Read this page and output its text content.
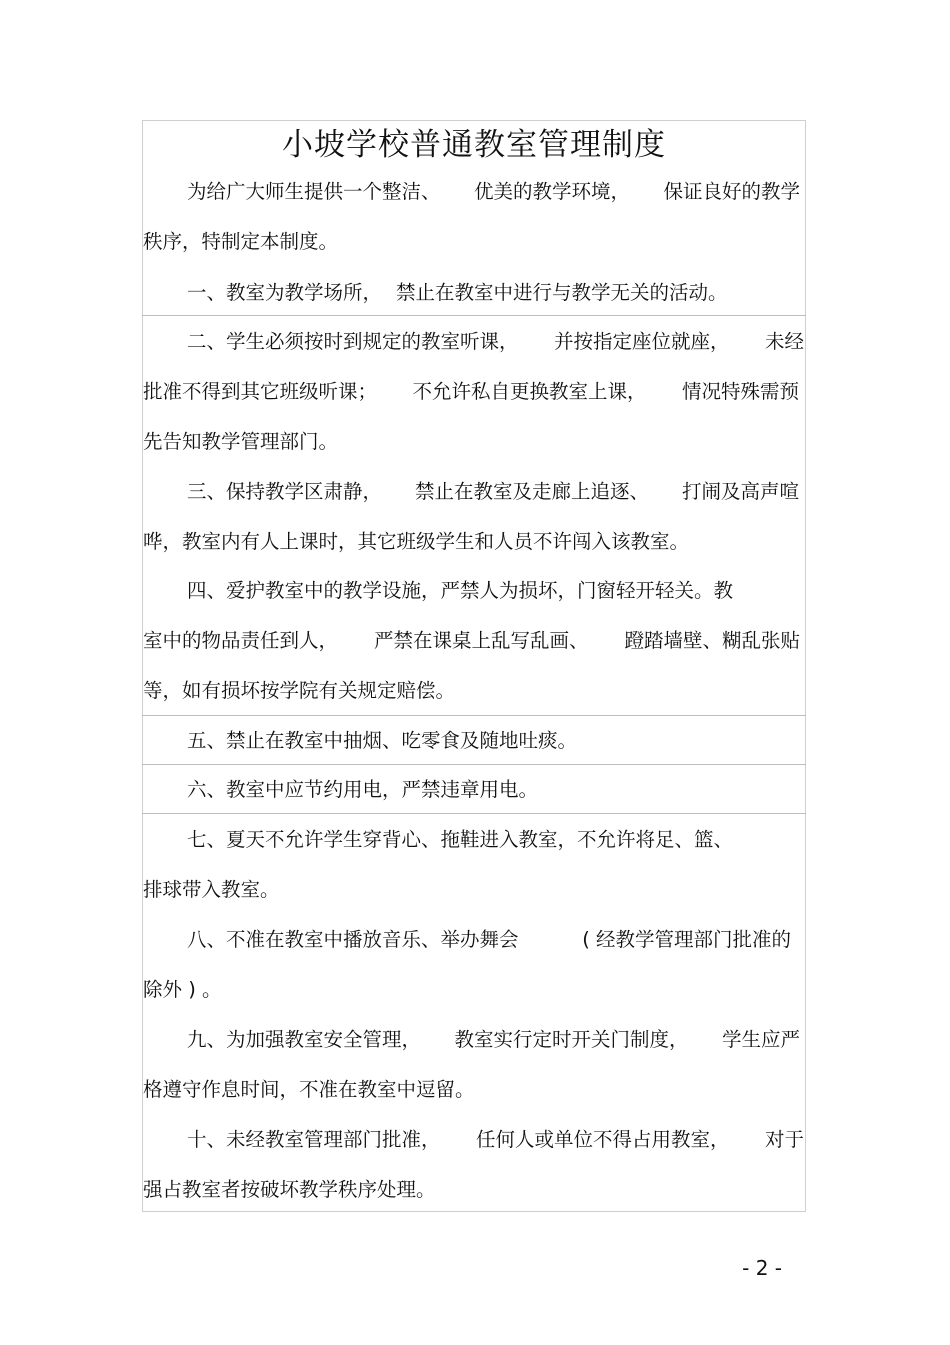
小坡学校普通教室管理制度
为给广大师生提供一个整洁、 优美的教学环境， 保证良好的教学
秩序，特制定本制度。
一、教室为教学场所， 禁止在教室中进行与教学无关的活动。
二、学生必须按时到规定的教室听课， 并按指定座位就座， 未经
批准不得到其它班级听课； 不允许私自更换教室上课， 情况特殊需预
先告知教学管理部门。
三、保持教学区肃静， 禁止在教室及走廊上追逐、 打闹及高声喧
哗，教室内有人上课时，其它班级学生和人员不许闯入该教室。
四、爱护教室中的教学设施，严禁人为损坏，门窗轻开轻关。教
室中的物品责任到人， 严禁在课桌上乱写乱画、 蹬踏墙壁、糊乱张贴
等，如有损坏按学院有关规定赔偿。
五、禁止在教室中抽烟、吃零食及随地吐痰。
六、教室中应节约用电，严禁违章用电。
七、夏天不允许学生穿背心、拖鞋进入教室，不允许将足、篮、
排球带入教室。
八、不准在教室中播放音乐、举办舞会	( 经教学管理部门批准的
除外 ) 。
九、为加强教室安全管理， 教室实行定时开关门制度， 学生应严
格遵守作息时间，不准在教室中逗留。
十、未经教室管理部门批准， 任何人或单位不得占用教室， 对于
强占教室者按破坏教学秩序处理。
- 2 -
